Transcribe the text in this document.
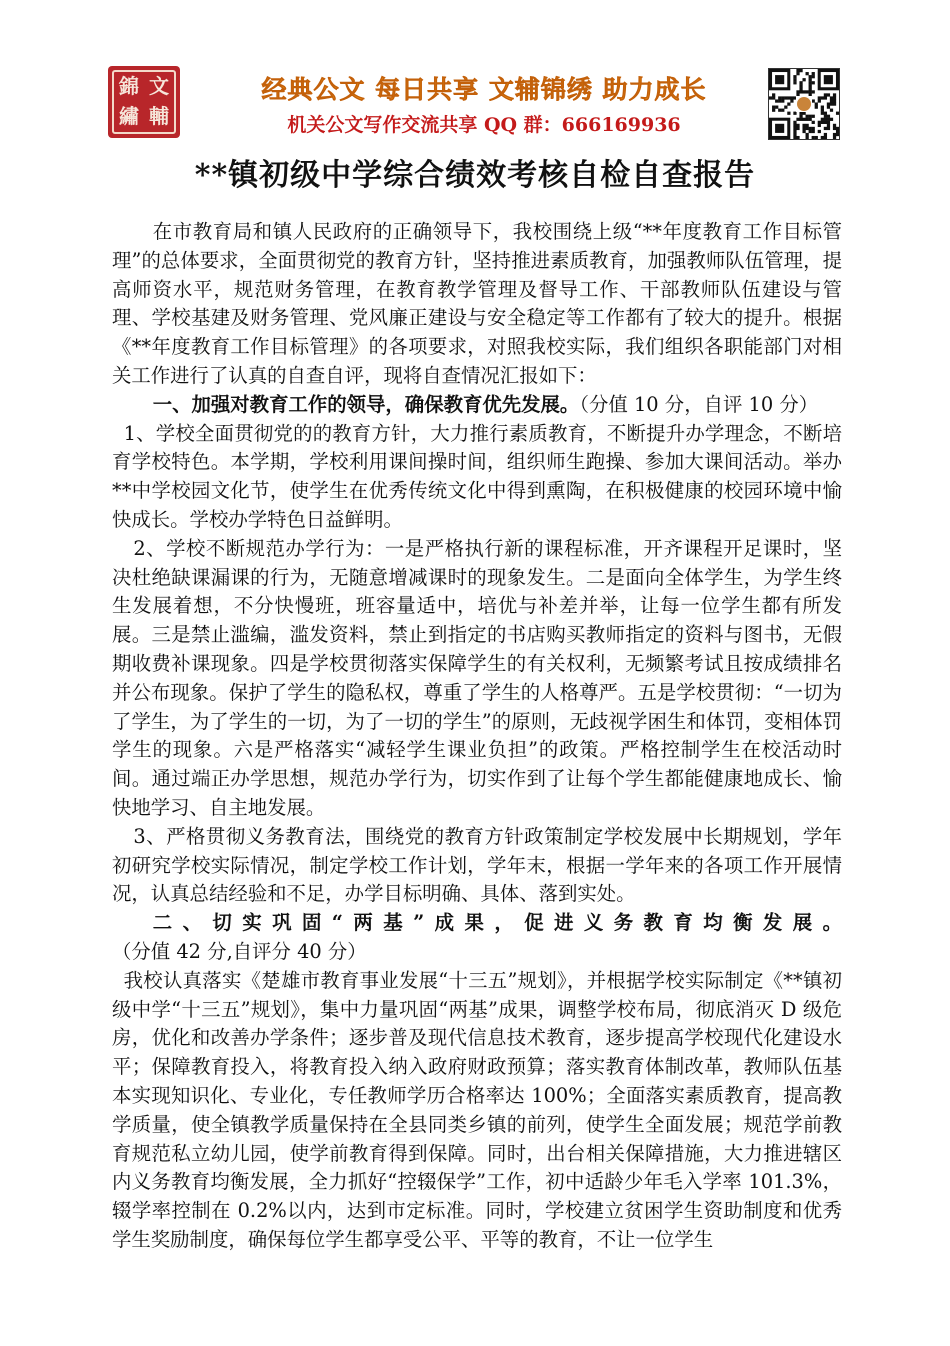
錦 文
繡 輔
经典公文 每日共享 文辅锦绣 助力成长
机关公文写作交流共享 QQ 群：666169936
**镇初级中学综合绩效考核自检自查报告

在市教育局和镇人民政府的正确领导下，我校围绕上级“**年度教育工作目标管理”的总体要求，全面贯彻党的教育方针，坚持推进素质教育，加强教师队伍管理，提高师资水平，规范财务管理，在教育教学管理及督导工作、干部教师队伍建设与管理、学校基建及财务管理、党风廉正建设与安全稳定等工作都有了较大的提升。根据《**年度教育工作目标管理》的各项要求，对照我校实际，我们组织各职能部门对相关工作进行了认真的自查自评，现将自查情况汇报如下：

一、加强对教育工作的领导，确保教育优先发展。（分值 10 分，自评 10 分）

1、学校全面贯彻党的的教育方针，大力推行素质教育，不断提升办学理念，不断培育学校特色。本学期，学校利用课间操时间，组织师生跑操、参加大课间活动。举办**中学校园文化节，使学生在优秀传统文化中得到熏陶，在积极健康的校园环境中愉快成长。学校办学特色日益鲜明。

2、学校不断规范办学行为：一是严格执行新的课程标准，开齐课程开足课时，坚决杜绝缺课漏课的行为，无随意增减课时的现象发生。二是面向全体学生，为学生终生发展着想，不分快慢班，班容量适中，培优与补差并举，让每一位学生都有所发展。三是禁止滥编，滥发资料，禁止到指定的书店购买教师指定的资料与图书，无假期收费补课现象。四是学校贯彻落实保障学生的有关权利，无频繁考试且按成绩排名并公布现象。保护了学生的隐私权，尊重了学生的人格尊严。五是学校贯彻：“一切为了学生，为了学生的一切，为了一切的学生”的原则，无歧视学困生和体罚，变相体罚学生的现象。六是严格落实“减轻学生课业负担”的政策。严格控制学生在校活动时间。通过端正办学思想，规范办学行为，切实作到了让每个学生都能健康地成长、愉快地学习、自主地发展。

3、严格贯彻义务教育法，围绕党的教育方针政策制定学校发展中长期规划，学年初研究学校实际情况，制定学校工作计划，学年末，根据一学年来的各项工作开展情况，认真总结经验和不足，办学目标明确、具体、落到实处。

二、切实巩固“两基”成果，促进义务教育均衡发展。（分值 42 分,自评分 40 分）

我校认真落实《楚雄市教育事业发展“十三五”规划》，并根据学校实际制定《**镇初级中学“十三五”规划》，集中力量巩固“两基”成果，调整学校布局，彻底消灭 D 级危房，优化和改善办学条件；逐步普及现代信息技术教育，逐步提高学校现代化建设水平；保障教育投入，将教育投入纳入政府财政预算；落实教育体制改革，教师队伍基本实现知识化、专业化，专任教师学历合格率达 100%；全面落实素质教育，提高教学质量，使全镇教学质量保持在全县同类乡镇的前列，使学生全面发展；规范学前教育规范私立幼儿园，使学前教育得到保障。同时，出台相关保障措施，大力推进辖区内义务教育均衡发展，全力抓好“控辍保学”工作，初中适龄少年毛入学率 101.3%，辍学率控制在 0.2%以内，达到市定标准。同时，学校建立贫困学生资助制度和优秀学生奖励制度，确保每位学生都享受公平、平等的教育，不让一位学生
